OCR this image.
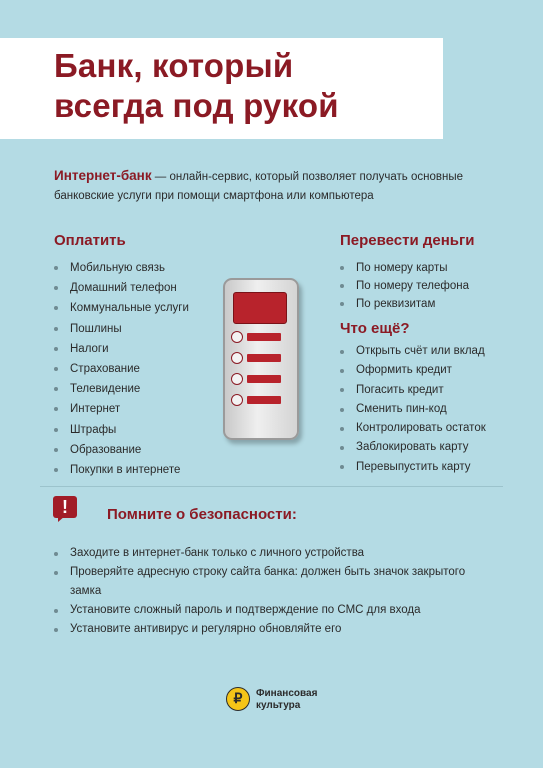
Банк, который
всегда под рукой
Интернет-банк — онлайн-сервис, который позволяет получать основные банковские услуги при помощи смартфона или компьютера
Оплатить
Мобильную связь
Домашний телефон
Коммунальные услуги
Пошлины
Налоги
Страхование
Телевидение
Интернет
Штрафы
Образование
Покупки в интернете
Перевести деньги
По номеру карты
По номеру телефона
По реквизитам
Что ещё?
Открыть счёт или вклад
Оформить кредит
Погасить кредит
Сменить пин-код
Контролировать остаток
Заблокировать карту
Перевыпустить карту
!	Помните о безопасности:
Заходите в интернет-банк только с личного устройства
Проверяйте адресную строку сайта банка: должен быть значок закрытого замка
Установите сложный пароль и подтверждение по СМС для входа
Установите антивирус и регулярно обновляйте его
₽	Финансовая
культура
